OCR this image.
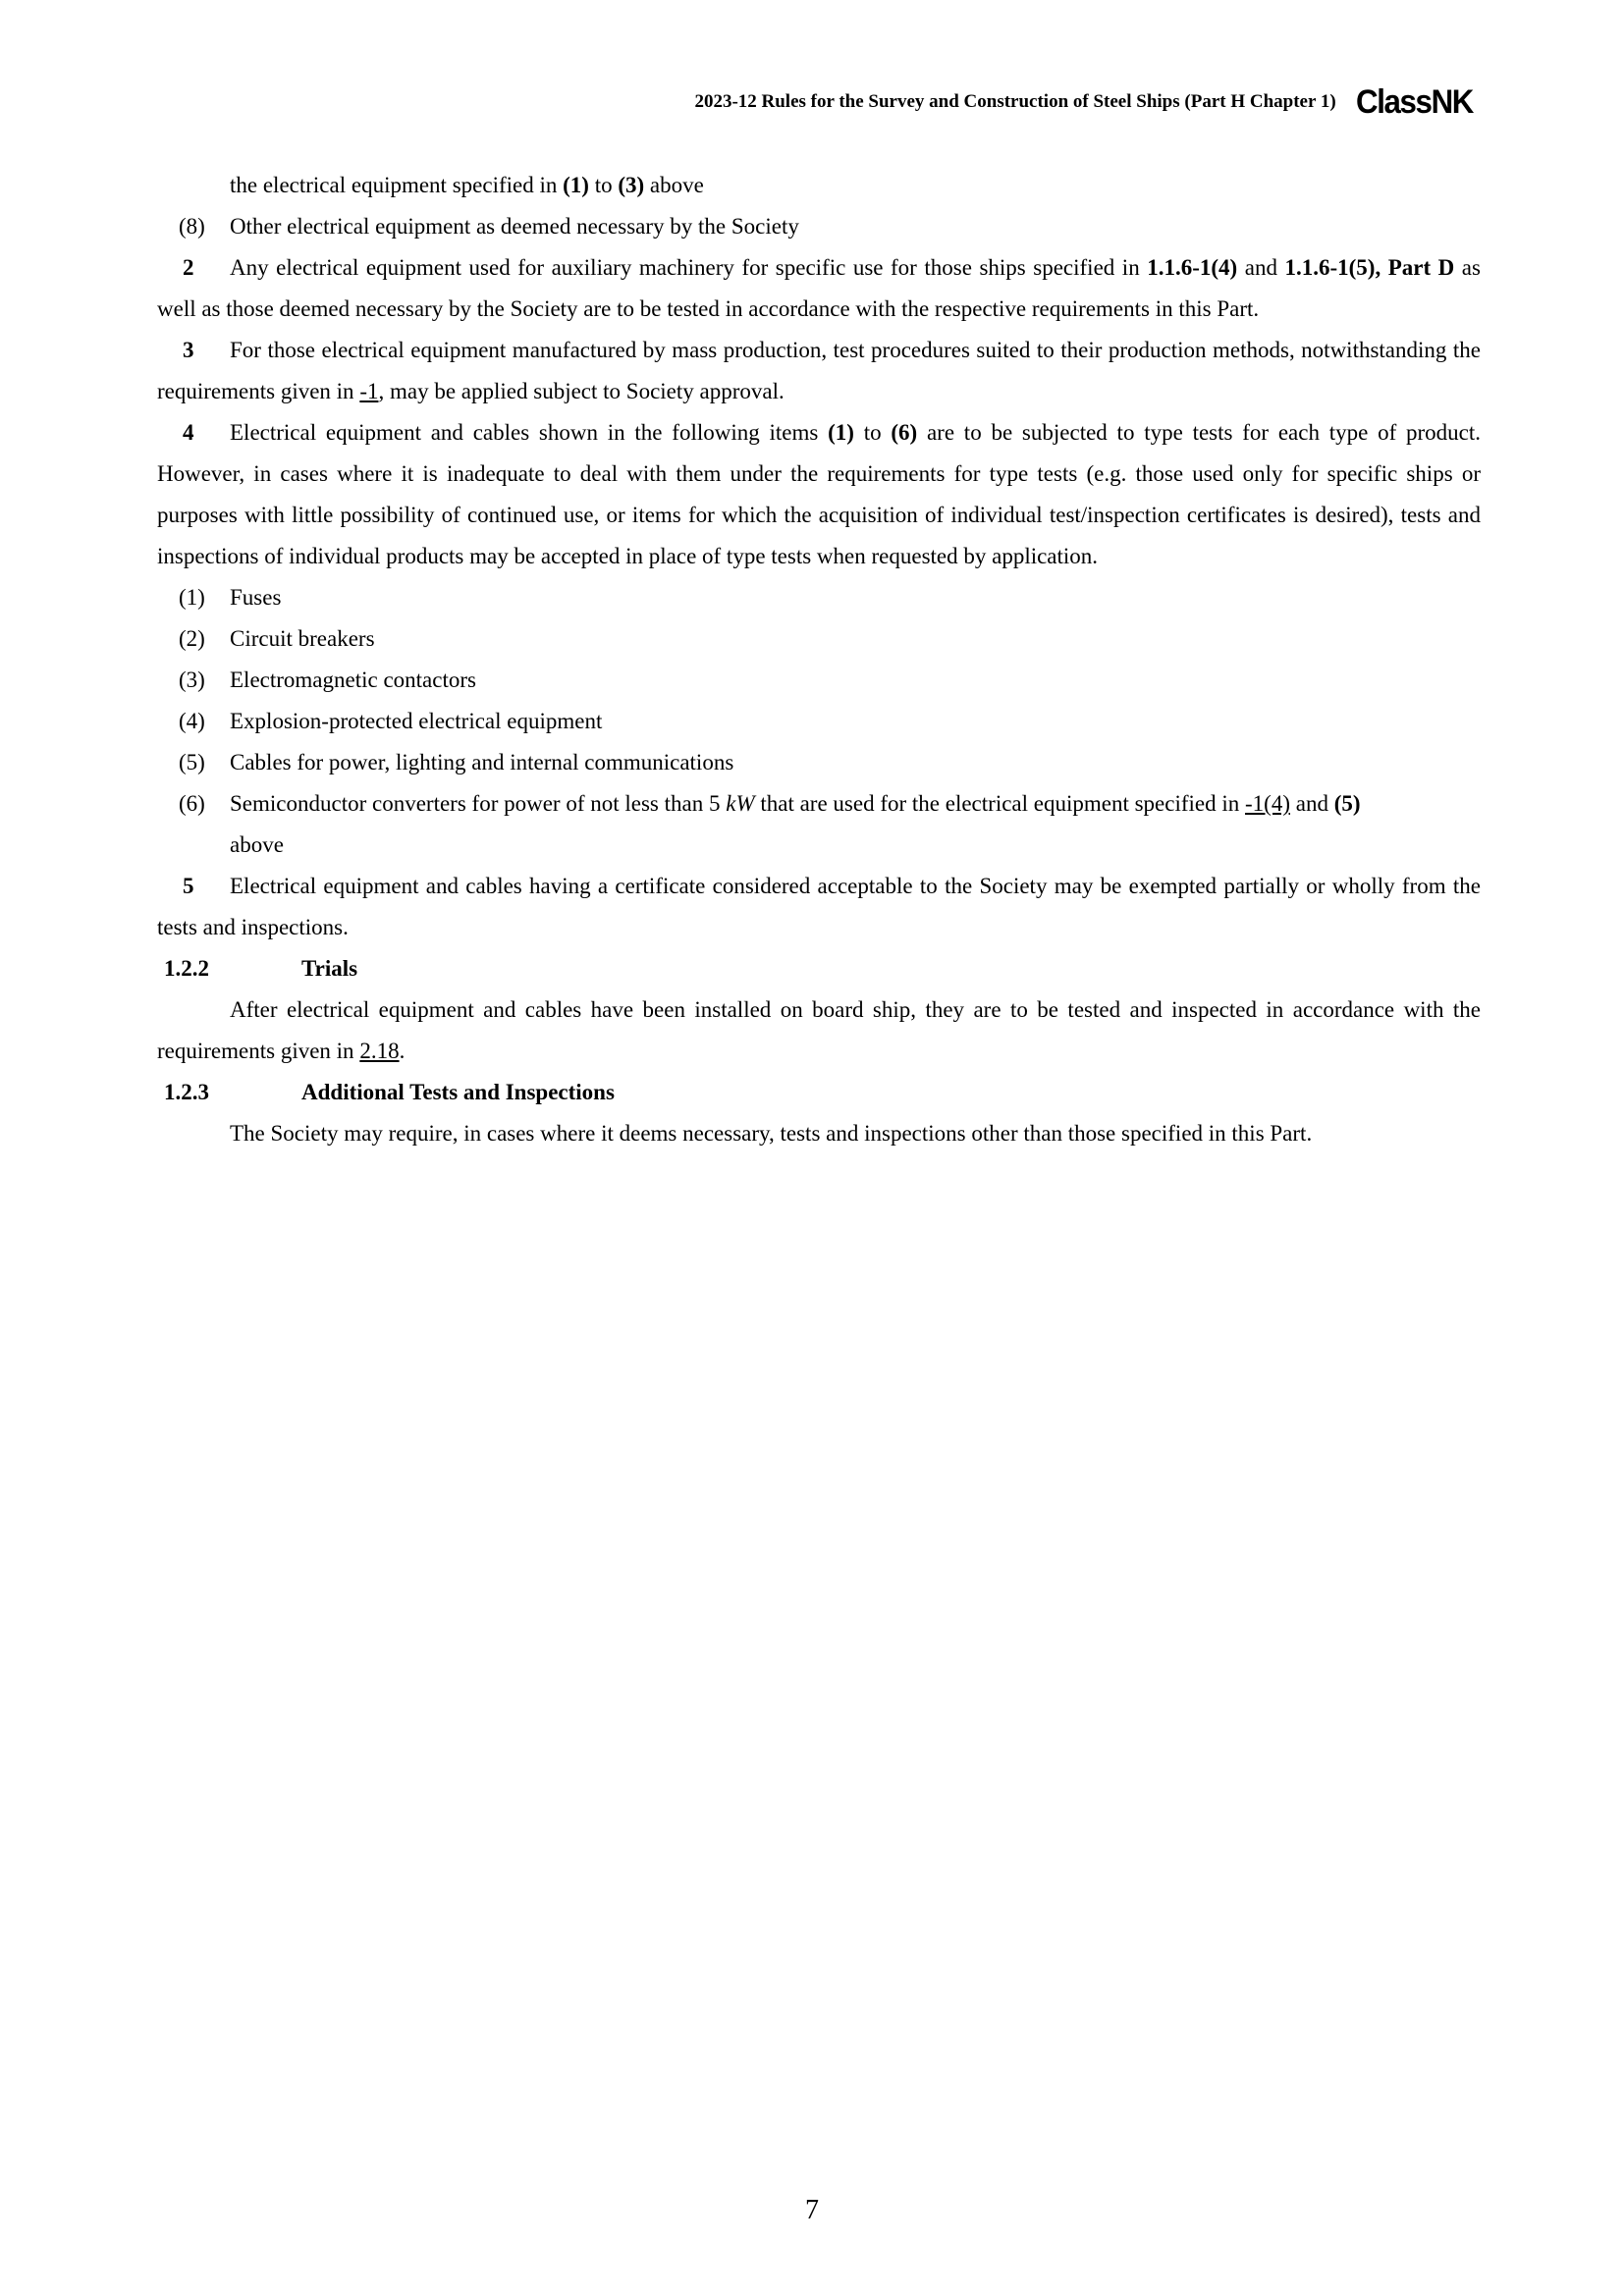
2023-12 Rules for the Survey and Construction of Steel Ships (Part H Chapter 1) ClassNK

the electrical equipment specified in (1) to (3) above

(8) Other electrical equipment as deemed necessary by the Society

2 Any electrical equipment used for auxiliary machinery for specific use for those ships specified in 1.1.6-1(4) and 1.1.6-1(5), Part D as well as those deemed necessary by the Society are to be tested in accordance with the respective requirements in this Part.

3 For those electrical equipment manufactured by mass production, test procedures suited to their production methods, notwithstanding the requirements given in -1, may be applied subject to Society approval.

4 Electrical equipment and cables shown in the following items (1) to (6) are to be subjected to type tests for each type of product. However, in cases where it is inadequate to deal with them under the requirements for type tests (e.g. those used only for specific ships or purposes with little possibility of continued use, or items for which the acquisition of individual test/inspection certificates is desired), tests and inspections of individual products may be accepted in place of type tests when requested by application.

(1) Fuses

(2) Circuit breakers

(3) Electromagnetic contactors

(4) Explosion-protected electrical equipment

(5) Cables for power, lighting and internal communications

(6) Semiconductor converters for power of not less than 5 kW that are used for the electrical equipment specified in -1(4) and (5)
above

5 Electrical equipment and cables having a certificate considered acceptable to the Society may be exempted partially or wholly from the tests and inspections.

1.2.2	Trials

After electrical equipment and cables have been installed on board ship, they are to be tested and inspected in accordance with the requirements given in 2.18.

1.2.3	Additional Tests and Inspections

The Society may require, in cases where it deems necessary, tests and inspections other than those specified in this Part.

7
